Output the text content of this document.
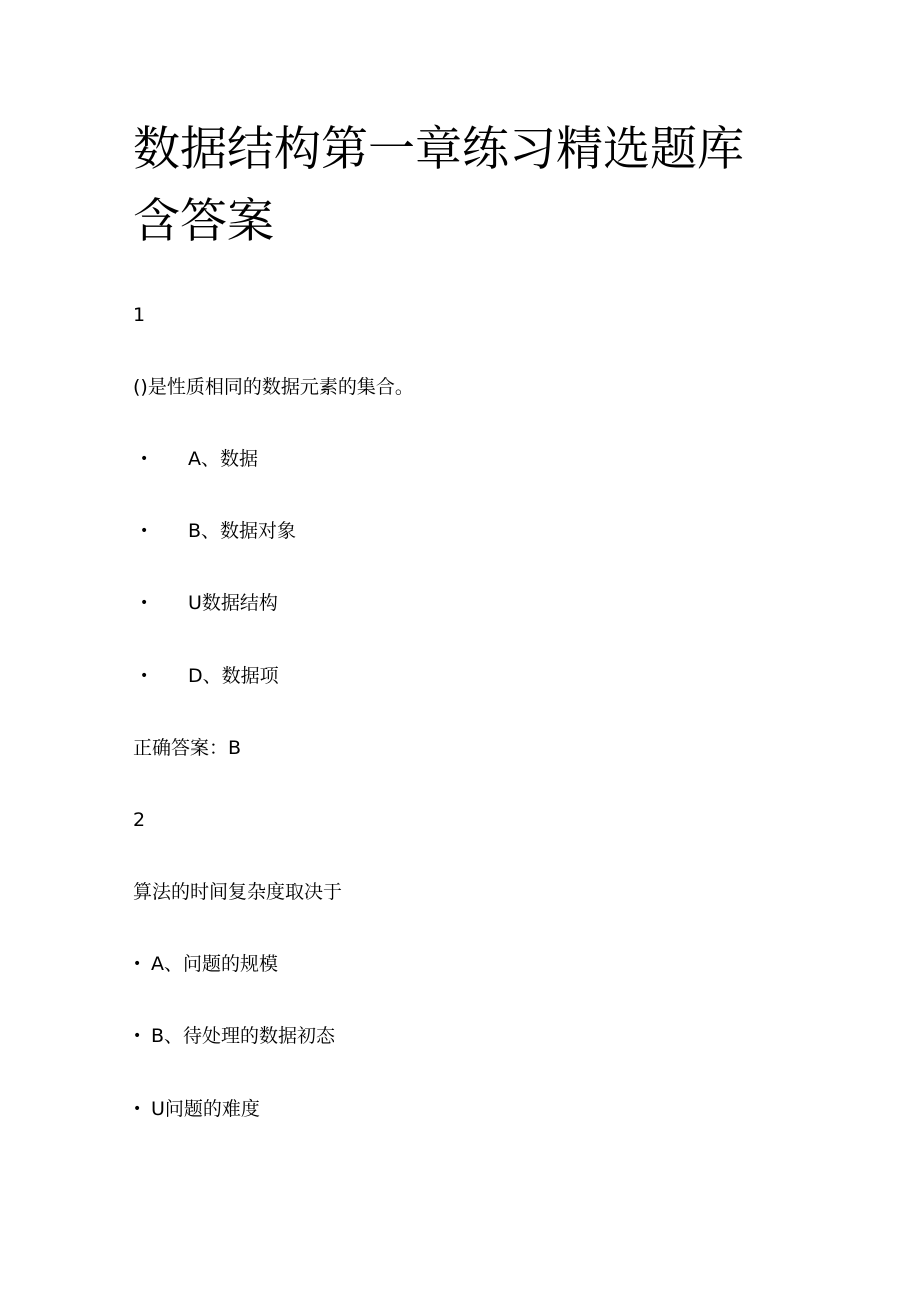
数据结构第一章练习精选题库含答案
1
()是性质相同的数据元素的集合。
• A、数据
• B、数据对象
• U数据结构
• D、数据项
正确答案：B
2
算法的时间复杂度取决于
• A、问题的规模
• B、待处理的数据初态
• U问题的难度
